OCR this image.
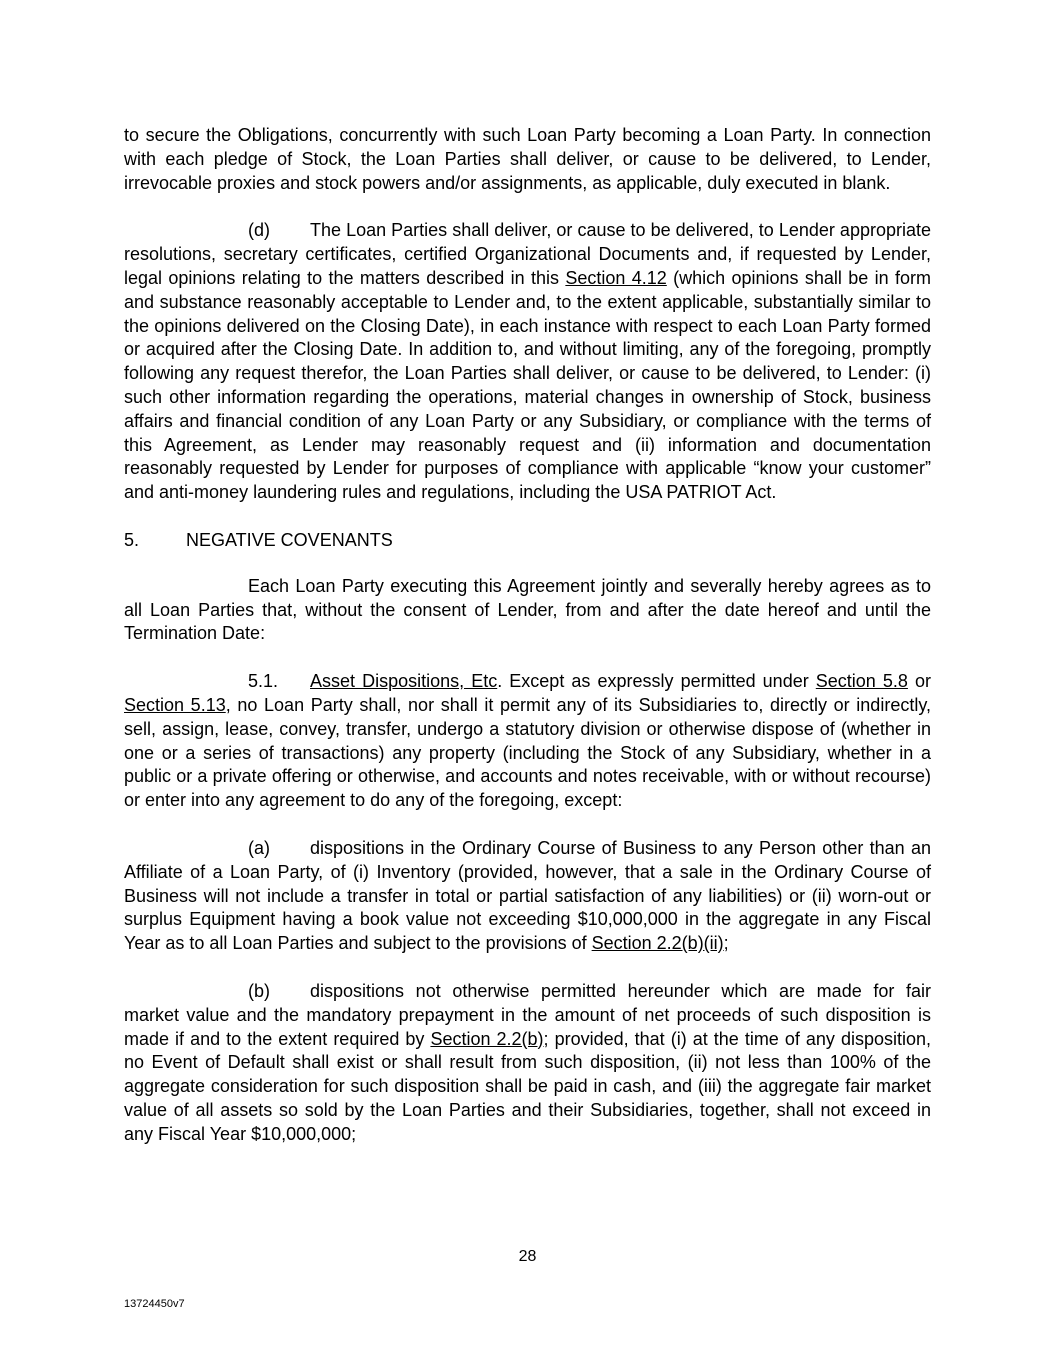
to secure the Obligations, concurrently with such Loan Party becoming a Loan Party. In connection with each pledge of Stock, the Loan Parties shall deliver, or cause to be delivered, to Lender, irrevocable proxies and stock powers and/or assignments, as applicable, duly executed in blank.

(d) The Loan Parties shall deliver, or cause to be delivered, to Lender appropriate resolutions, secretary certificates, certified Organizational Documents and, if requested by Lender, legal opinions relating to the matters described in this Section 4.12 (which opinions shall be in form and substance reasonably acceptable to Lender and, to the extent applicable, substantially similar to the opinions delivered on the Closing Date), in each instance with respect to each Loan Party formed or acquired after the Closing Date. In addition to, and without limiting, any of the foregoing, promptly following any request therefor, the Loan Parties shall deliver, or cause to be delivered, to Lender: (i) such other information regarding the operations, material changes in ownership of Stock, business affairs and financial condition of any Loan Party or any Subsidiary, or compliance with the terms of this Agreement, as Lender may reasonably request and (ii) information and documentation reasonably requested by Lender for purposes of compliance with applicable “know your customer” and anti-money laundering rules and regulations, including the USA PATRIOT Act.

5.	NEGATIVE COVENANTS

Each Loan Party executing this Agreement jointly and severally hereby agrees as to all Loan Parties that, without the consent of Lender, from and after the date hereof and until the Termination Date:

5.1. Asset Dispositions, Etc. Except as expressly permitted under Section 5.8 or Section 5.13, no Loan Party shall, nor shall it permit any of its Subsidiaries to, directly or indirectly, sell, assign, lease, convey, transfer, undergo a statutory division or otherwise dispose of (whether in one or a series of transactions) any property (including the Stock of any Subsidiary, whether in a public or a private offering or otherwise, and accounts and notes receivable, with or without recourse) or enter into any agreement to do any of the foregoing, except:

(a) dispositions in the Ordinary Course of Business to any Person other than an Affiliate of a Loan Party, of (i) Inventory (provided, however, that a sale in the Ordinary Course of Business will not include a transfer in total or partial satisfaction of any liabilities) or (ii) worn-out or surplus Equipment having a book value not exceeding $10,000,000 in the aggregate in any Fiscal Year as to all Loan Parties and subject to the provisions of Section 2.2(b)(ii);

(b) dispositions not otherwise permitted hereunder which are made for fair market value and the mandatory prepayment in the amount of net proceeds of such disposition is made if and to the extent required by Section 2.2(b); provided, that (i) at the time of any disposition, no Event of Default shall exist or shall result from such disposition, (ii) not less than 100% of the aggregate consideration for such disposition shall be paid in cash, and (iii) the aggregate fair market value of all assets so sold by the Loan Parties and their Subsidiaries, together, shall not exceed in any Fiscal Year $10,000,000;

28
13724450v7
